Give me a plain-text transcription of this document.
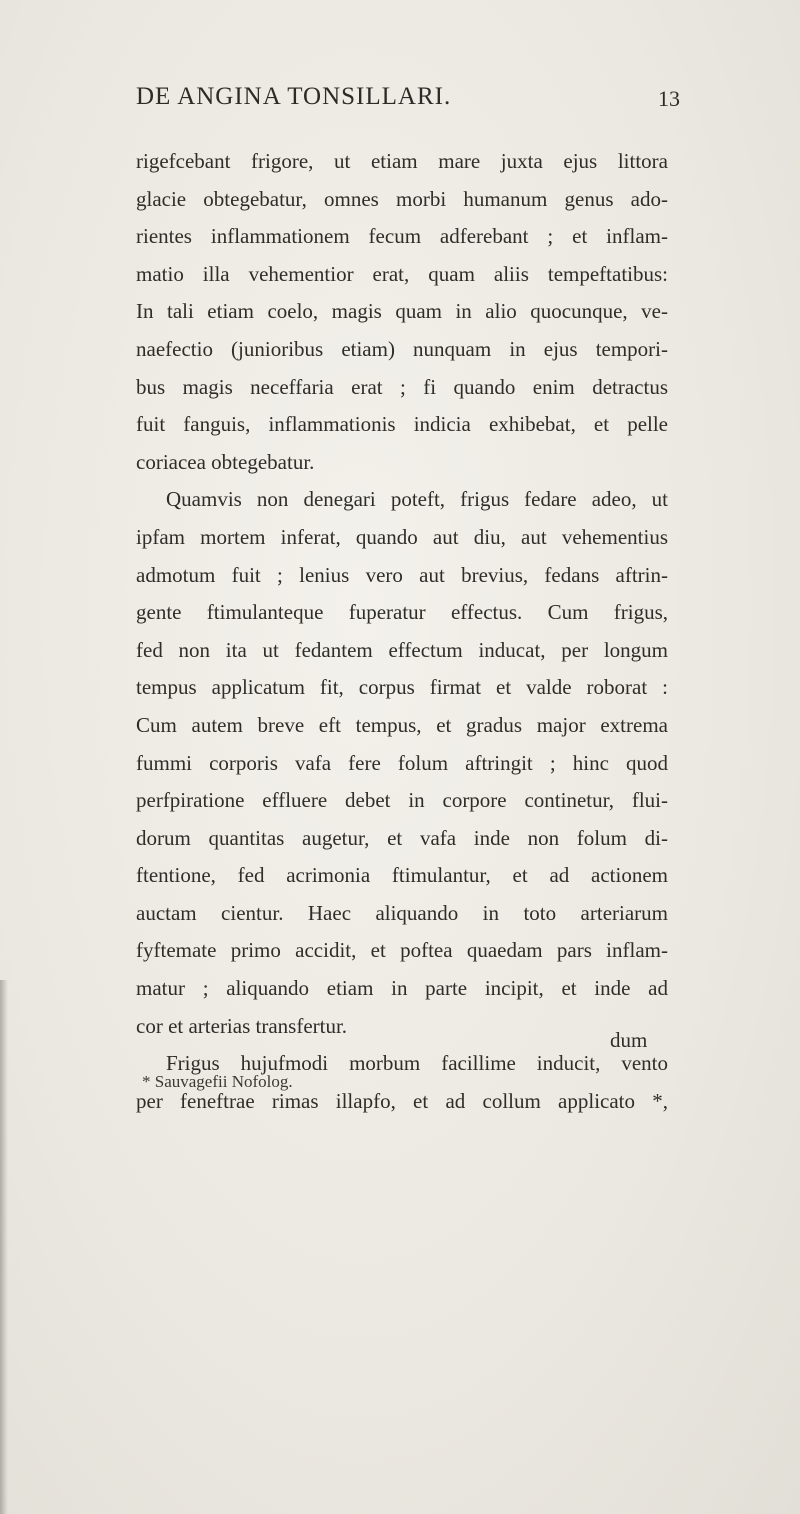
DE ANGINA TONSILLARI.	13
rigefcebant frigore, ut etiam mare juxta ejus littora
glacie obtegebatur, omnes morbi humanum genus ado-
rientes inflammationem fecum adferebant ; et inflam-
matio illa vehementior erat, quam aliis tempeftatibus:
In tali etiam coelo, magis quam in alio quocunque, ve-
naefectio (junioribus etiam) nunquam in ejus tempori-
bus magis neceffaria erat ; fi quando enim detractus
fuit fanguis, inflammationis indicia exhibebat, et pelle
coriacea obtegebatur.
Quamvis non denegari poteft, frigus fedare adeo, ut
ipfam mortem inferat, quando aut diu, aut vehementius
admotum fuit ; lenius vero aut brevius, fedans aftrin-
gente ftimulanteque fuperatur effectus. Cum frigus,
fed non ita ut fedantem effectum inducat, per longum
tempus applicatum fit, corpus firmat et valde roborat :
Cum autem breve eft tempus, et gradus major extrema
fummi corporis vafa fere folum aftringit ; hinc quod
perfpiratione effluere debet in corpore continetur, flui-
dorum quantitas augetur, et vafa inde non folum di-
ftentione, fed acrimonia ftimulantur, et ad actionem
auctam cientur. Haec aliquando in toto arteriarum
fyftemate primo accidit, et poftea quaedam pars inflam-
matur ; aliquando etiam in parte incipit, et inde ad
cor et arterias transfertur.
Frigus hujufmodi morbum facillime inducit, vento
per feneftrae rimas illapfo, et ad collum applicato *,
dum
* Sauvagefii Nofolog.
